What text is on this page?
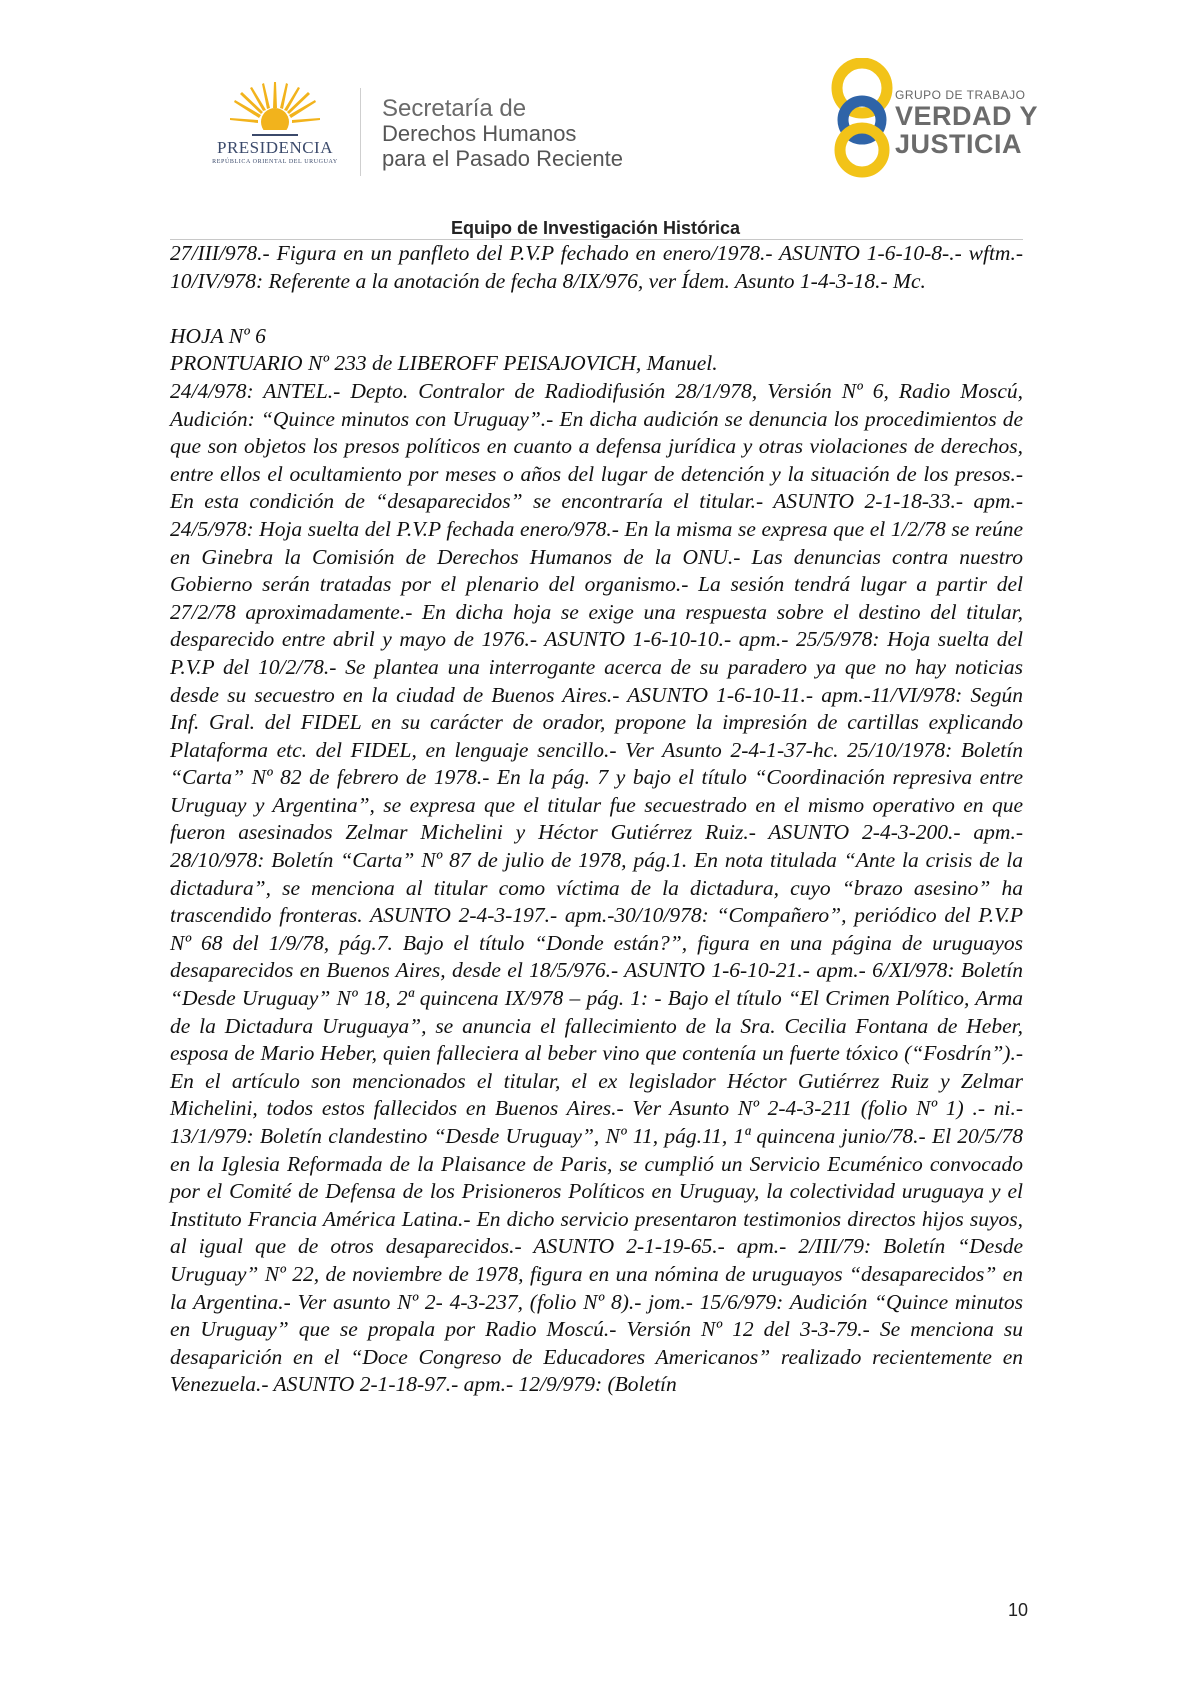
PRESIDENCIA
REPÚBLICA ORIENTAL DEL URUGUAY
Secretaría de
Derechos Humanos
para el Pasado Reciente
GRUPO DE TRABAJO
VERDAD Y
JUSTICIA
Equipo de Investigación Histórica

27/III/978.- Figura en un panfleto del P.V.P fechado en enero/1978.- ASUNTO 1-6-10-8-.- wftm.- 10/IV/978: Referente a la anotación de fecha 8/IX/976, ver Ídem. Asunto 1-4-3-18.- Mc.

HOJA Nº 6

PRONTUARIO Nº 233 de LIBEROFF PEISAJOVICH, Manuel.

24/4/978: ANTEL.- Depto. Contralor de Radiodifusión 28/1/978, Versión Nº 6, Radio Moscú, Audición: “Quince minutos con Uruguay”.- En dicha audición se denuncia los procedimientos de que son objetos los presos políticos en cuanto a defensa jurídica y otras violaciones de derechos, entre ellos el ocultamiento por meses o años del lugar de detención y la situación de los presos.- En esta condición de “desaparecidos” se encontraría el titular.- ASUNTO 2-1-18-33.- apm.- 24/5/978: Hoja suelta del P.V.P fechada enero/978.- En la misma se expresa que el 1/2/78 se reúne en Ginebra la Comisión de Derechos Humanos de la ONU.- Las denuncias contra nuestro Gobierno serán tratadas por el plenario del organismo.- La sesión tendrá lugar a partir del 27/2/78 aproximadamente.- En dicha hoja se exige una respuesta sobre el destino del titular, desparecido entre abril y mayo de 1976.- ASUNTO 1-6-10-10.- apm.- 25/5/978: Hoja suelta del P.V.P del 10/2/78.- Se plantea una interrogante acerca de su paradero ya que no hay noticias desde su secuestro en la ciudad de Buenos Aires.- ASUNTO 1-6-10-11.- apm.-11/VI/978: Según Inf. Gral. del FIDEL en su carácter de orador, propone la impresión de cartillas explicando Plataforma etc. del FIDEL, en lenguaje sencillo.- Ver Asunto 2-4-1-37-hc. 25/10/1978: Boletín “Carta” Nº 82 de febrero de 1978.- En la pág. 7 y bajo el título “Coordinación represiva entre Uruguay y Argentina”, se expresa que el titular fue secuestrado en el mismo operativo en que fueron asesinados Zelmar Michelini y Héctor Gutiérrez Ruiz.- ASUNTO 2-4-3-200.- apm.- 28/10/978: Boletín “Carta” Nº 87 de julio de 1978, pág.1. En nota titulada “Ante la crisis de la dictadura”, se menciona al titular como víctima de la dictadura, cuyo “brazo asesino” ha trascendido fronteras. ASUNTO 2-4-3-197.- apm.-30/10/978: “Compañero”, periódico del P.V.P Nº 68 del 1/9/78, pág.7. Bajo el título “Donde están?”, figura en una página de uruguayos desaparecidos en Buenos Aires, desde el 18/5/976.- ASUNTO 1-6-10-21.- apm.- 6/XI/978: Boletín “Desde Uruguay” Nº 18, 2ª quincena IX/978 – pág. 1: - Bajo el título “El Crimen Político, Arma de la Dictadura Uruguaya”, se anuncia el fallecimiento de la Sra. Cecilia Fontana de Heber, esposa de Mario Heber, quien falleciera al beber vino que contenía un fuerte tóxico (“Fosdrín”).- En el artículo son mencionados el titular, el ex legislador Héctor Gutiérrez Ruiz y Zelmar Michelini, todos estos fallecidos en Buenos Aires.- Ver Asunto Nº 2-4-3-211 (folio Nº 1) .- ni.- 13/1/979: Boletín clandestino “Desde Uruguay”, Nº 11, pág.11, 1ª quincena junio/78.- El 20/5/78 en la Iglesia Reformada de la Plaisance de Paris, se cumplió un Servicio Ecuménico convocado por el Comité de Defensa de los Prisioneros Políticos en Uruguay, la colectividad uruguaya y el Instituto Francia América Latina.- En dicho servicio presentaron testimonios directos hijos suyos, al igual que de otros desaparecidos.- ASUNTO 2-1-19-65.- apm.- 2/III/79: Boletín “Desde Uruguay” Nº 22, de noviembre de 1978, figura en una nómina de uruguayos “desaparecidos” en la Argentina.- Ver asunto Nº 2- 4-3-237, (folio Nº 8).- jom.- 15/6/979: Audición “Quince minutos en Uruguay” que se propala por Radio Moscú.- Versión Nº 12 del 3-3-79.- Se menciona su desaparición en el “Doce Congreso de Educadores Americanos” realizado recientemente en Venezuela.- ASUNTO 2-1-18-97.- apm.- 12/9/979: (Boletín

10
